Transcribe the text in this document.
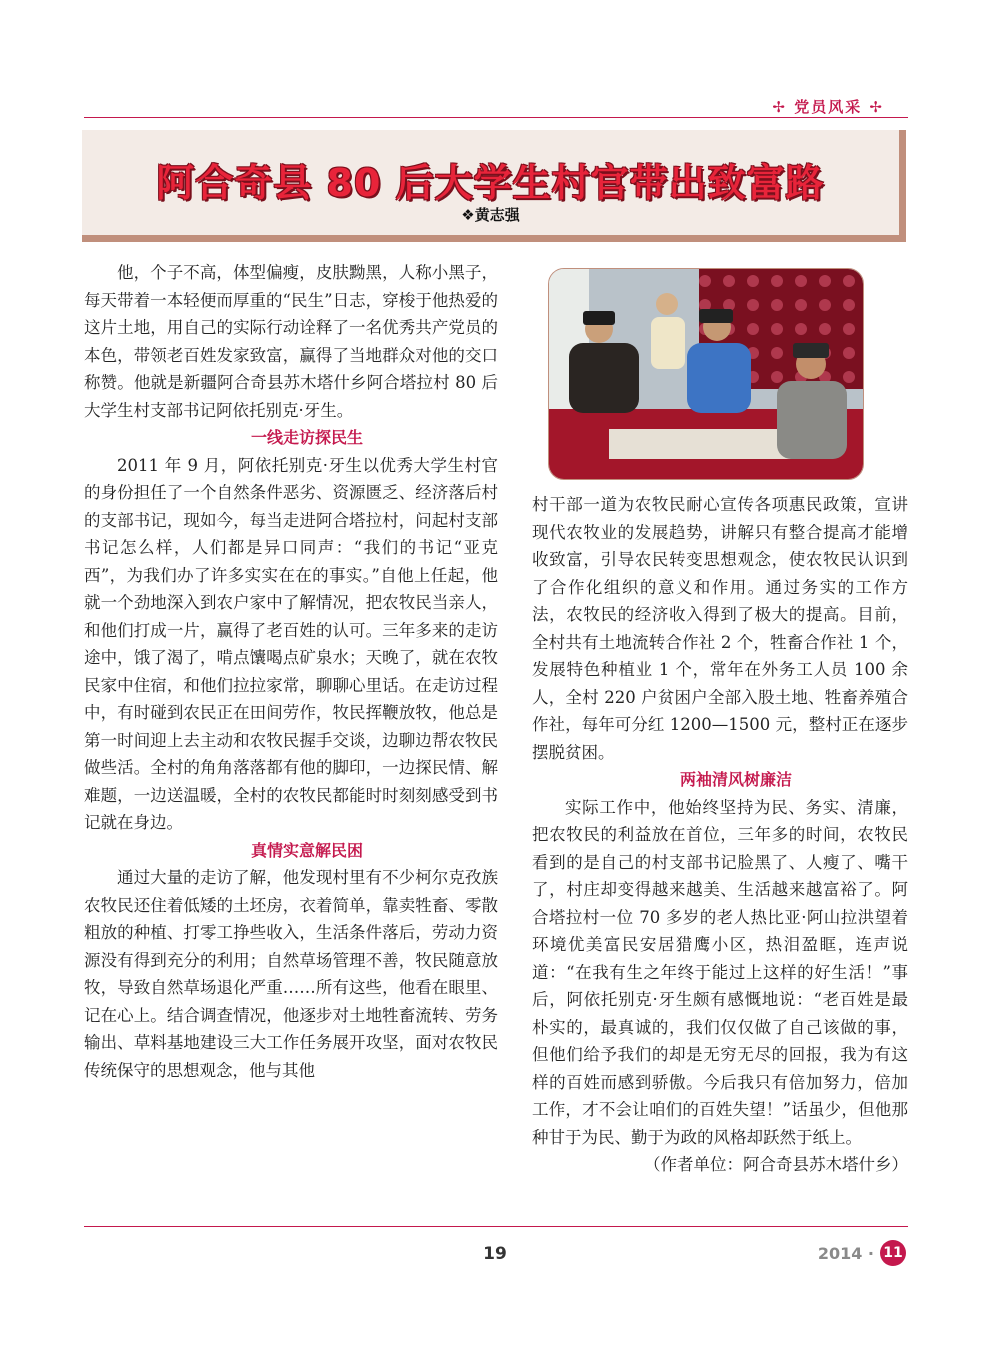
✢ 党员风采 ✢
阿合奇县 80 后大学生村官带出致富路
❖黄志强

他，个子不高，体型偏瘦，皮肤黝黑，人称小黑子，每天带着一本轻便而厚重的“民生”日志，穿梭于他热爱的这片土地，用自己的实际行动诠释了一名优秀共产党员的本色，带领老百姓发家致富，赢得了当地群众对他的交口称赞。他就是新疆阿合奇县苏木塔什乡阿合塔拉村 80 后大学生村支部书记阿依托别克·牙生。

一线走访探民生

2011 年 9 月，阿依托别克·牙生以优秀大学生村官的身份担任了一个自然条件恶劣、资源匮乏、经济落后村的支部书记，现如今，每当走进阿合塔拉村，问起村支部书记怎么样，人们都是异口同声：“我们的书记“亚克西”，为我们办了许多实实在在的事实。”自他上任起，他就一个劲地深入到农户家中了解情况，把农牧民当亲人，和他们打成一片，赢得了老百姓的认可。三年多来的走访途中，饿了渴了，啃点馕喝点矿泉水；天晚了，就在农牧民家中住宿，和他们拉拉家常，聊聊心里话。在走访过程中，有时碰到农民正在田间劳作，牧民挥鞭放牧，他总是第一时间迎上去主动和农牧民握手交谈，边聊边帮农牧民做些活。全村的角角落落都有他的脚印，一边探民情、解难题，一边送温暖，全村的农牧民都能时时刻刻感受到书记就在身边。

真情实意解民困

通过大量的走访了解，他发现村里有不少柯尔克孜族农牧民还住着低矮的土坯房，衣着简单，靠卖牲畜、零散粗放的种植、打零工挣些收入，生活条件落后，劳动力资源没有得到充分的利用；自然草场管理不善，牧民随意放牧，导致自然草场退化严重……所有这些，他看在眼里、记在心上。结合调查情况，他逐步对土地牲畜流转、劳务输出、草料基地建设三大工作任务展开攻坚，面对农牧民传统保守的思想观念，他与其他

村干部一道为农牧民耐心宣传各项惠民政策，宣讲现代农牧业的发展趋势，讲解只有整合提高才能增收致富，引导农民转变思想观念，使农牧民认识到了合作化组织的意义和作用。通过务实的工作方法，农牧民的经济收入得到了极大的提高。目前，全村共有土地流转合作社 2 个，牲畜合作社 1 个，发展特色种植业 1 个，常年在外务工人员 100 余人，全村 220 户贫困户全部入股土地、牲畜养殖合作社，每年可分红 1200—1500 元，整村正在逐步摆脱贫困。

两袖清风树廉洁

实际工作中，他始终坚持为民、务实、清廉，把农牧民的利益放在首位，三年多的时间，农牧民看到的是自己的村支部书记脸黑了、人瘦了、嘴干了，村庄却变得越来越美、生活越来越富裕了。阿合塔拉村一位 70 多岁的老人热比亚·阿山拉洪望着环境优美富民安居猎鹰小区，热泪盈眶，连声说道：“在我有生之年终于能过上这样的好生活！”事后，阿依托别克·牙生颇有感慨地说：“老百姓是最朴实的，最真诚的，我们仅仅做了自己该做的事，但他们给予我们的却是无穷无尽的回报，我为有这样的百姓而感到骄傲。今后我只有倍加努力，倍加工作，才不会让咱们的百姓失望！”话虽少，但他那种甘于为民、勤于为政的风格却跃然于纸上。

（作者单位：阿合奇县苏木塔什乡）

19	2014 · 11
